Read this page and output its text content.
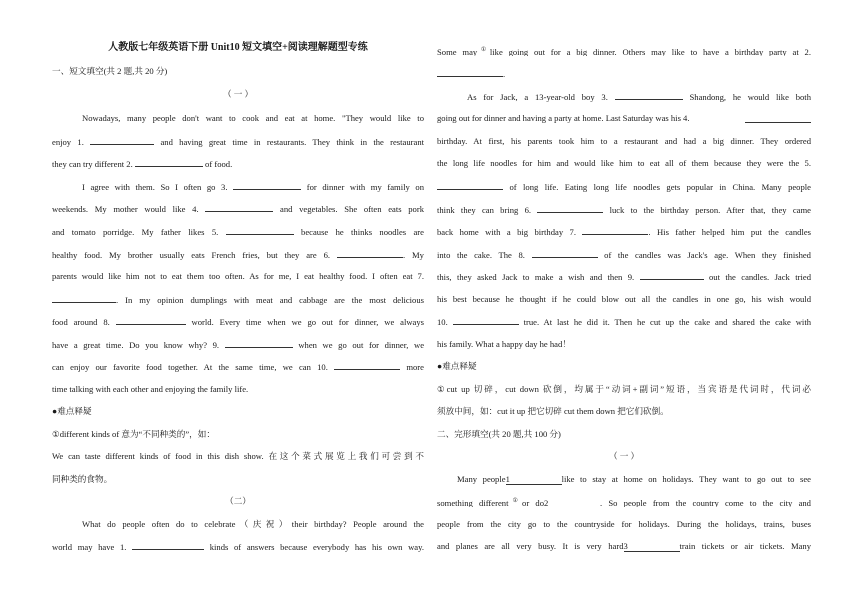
人教版七年级英语下册 Unit10 短文填空+阅读理解题型专练
一、短文填空(共 2 题,共 20 分)
（ 一 ）
Nowadays, many people don't want to cook and eat at home. "They would like to
enjoy 1.	and having great time in restaurants. They think in the restaurant
they can try different 2.	of food.
I agree with them. So I often go 3.	for dinner with my family on
weekends. My mother would like 4.	and vegetables. She often eats pork
and tomato porridge. My father likes 5.	because he thinks noodles are
healthy food. My brother usually eats French fries, but they are 6.	. My
parents would like him not to eat them too often. As for me, I eat healthy food. I often eat 7.
. In my opinion dumplings with meat and cabbage are the most delicious
food around 8.	world. Every time when we go out for dinner, we always
have a great time. Do you know why? 9.	when we go out for dinner, we
can enjoy our favorite food together. At the same time, we can 10.	more
time talking with each other and enjoying the family life.
●难点释疑
①different kinds of 意为“不同种类的”，如：
We can taste different kinds of food in this dish show. 在这个菜式展览上我们可尝到不
同种类的食物。
（二）
What do people often do to celebrate（庆祝）their birthday? People around the
world may have 1.	kinds of answers because everybody has his own way.
Some may①like going out for a big dinner. Others may like to have a birthday party at 2.
.
As for Jack, a 13-year-old boy 3.	Shandong, he would like both
going out for dinner and having a party at home. Last Saturday was his 4.
birthday. At first, his parents took him to a restaurant and had a big dinner. They ordered
the long life noodles for him and would like him to eat all of them because they were the 5.
of long life. Eating long life noodles gets popular in China. Many people
think they can bring 6.	luck to the birthday person. After that, they came
back home with a big birthday 7.	. His father helped him put the candles
into the cake. The 8.	of the candles was Jack's age. When they finished
this, they asked Jack to make a wish and then 9.	out the candles. Jack tried
his best because he thought if he could blow out all the candles in one go, his wish would
10.	true. At last he did it. Then he cut up the cake and shared the cake with
his family. What a happy day he had！
●难点释疑
①cut up 切碎，cut down 砍倒，均属于“动词+副词”短语，当宾语是代词时，代词必
须放中间，如：cut it up 把它切碎 cut them down 把它们砍倒。
二、完形填空(共 20 题,共 100 分)
（ 一 ）
Many people1	like to stay at home on holidays. They want to go out to see
something different①or do2	. So people from the country come to the city and
people from the city go to the countryside for holidays. During the holidays, trains, buses
and planes are all very busy. It is very hard3	train tickets or air tickets. Many
